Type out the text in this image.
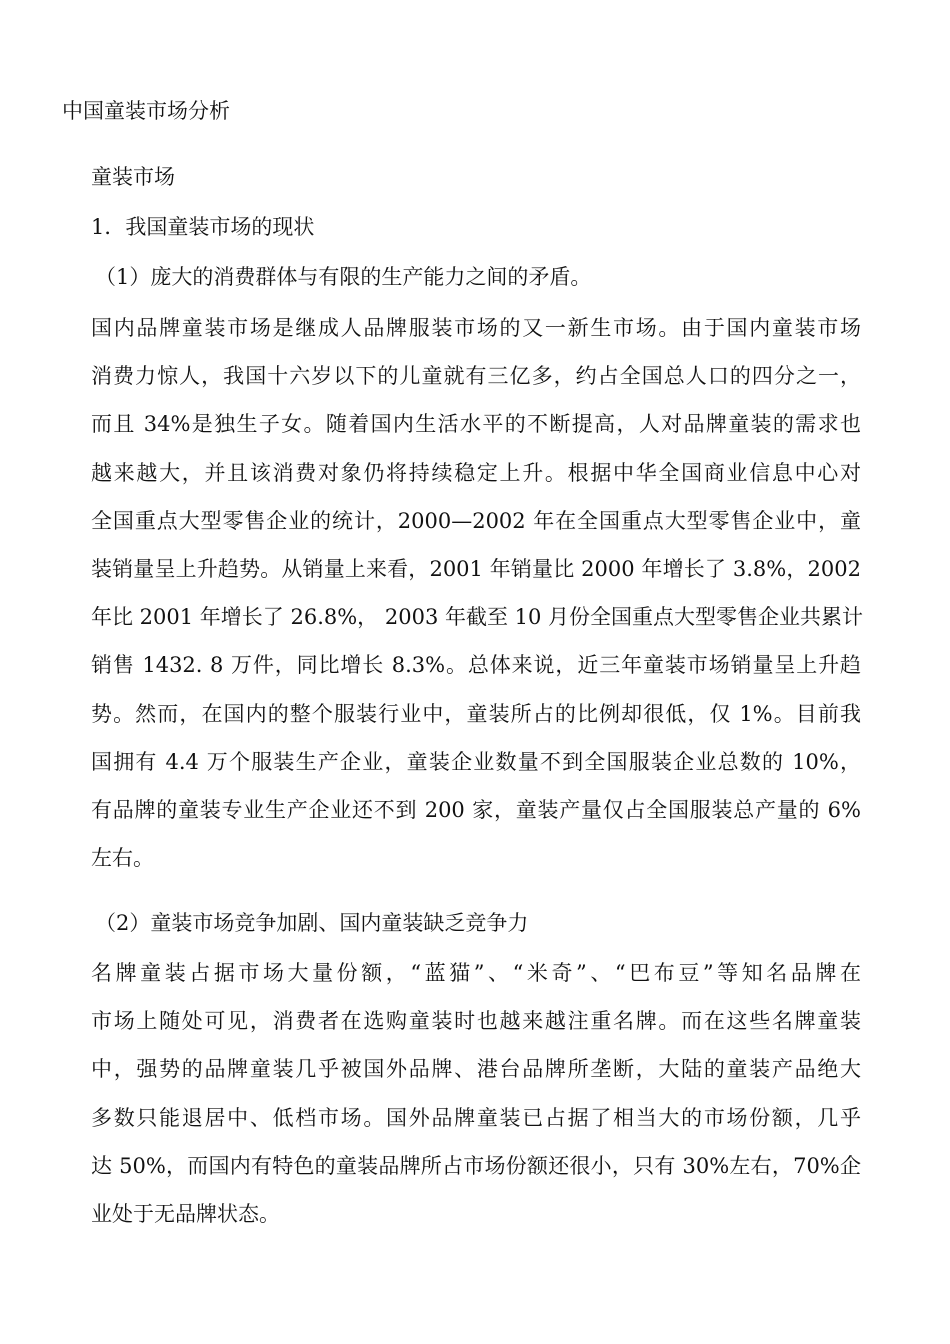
中国童装市场分析
童装市场
1．我国童装市场的现状
（1）庞大的消费群体与有限的生产能力之间的矛盾。
国内品牌童装市场是继成人品牌服装市场的又一新生市场。由于国内童装市场
消费力惊人，我国十六岁以下的儿童就有三亿多，约占全国总人口的四分之一，
而且 34%是独生子女。随着国内生活水平的不断提高，人对品牌童装的需求也
越来越大，并且该消费对象仍将持续稳定上升。根据中华全国商业信息中心对
全国重点大型零售企业的统计，2000—2002 年在全国重点大型零售企业中，童
装销量呈上升趋势。从销量上来看，2001 年销量比 2000 年增长了 3.8%，2002
年比 2001 年增长了 26.8%， 2003 年截至 10 月份全国重点大型零售企业共累计
销售 1432. 8 万件，同比增长 8.3%。总体来说，近三年童装市场销量呈上升趋
势。然而，在国内的整个服装行业中，童装所占的比例却很低，仅 1%。目前我
国拥有 4.4 万个服装生产企业，童装企业数量不到全国服装企业总数的 10%，
有品牌的童装专业生产企业还不到 200 家，童装产量仅占全国服装总产量的 6%
左右。
（2）童装市场竞争加剧、国内童装缺乏竞争力
名牌童装占据市场大量份额，“蓝猫”、“米奇”、“巴布豆”等知名品牌在
市场上随处可见，消费者在选购童装时也越来越注重名牌。而在这些名牌童装
中，强势的品牌童装几乎被国外品牌、港台品牌所垄断，大陆的童装产品绝大
多数只能退居中、低档市场。国外品牌童装已占据了相当大的市场份额，几乎
达 50%，而国内有特色的童装品牌所占市场份额还很小，只有 30%左右，70%企
业处于无品牌状态。
